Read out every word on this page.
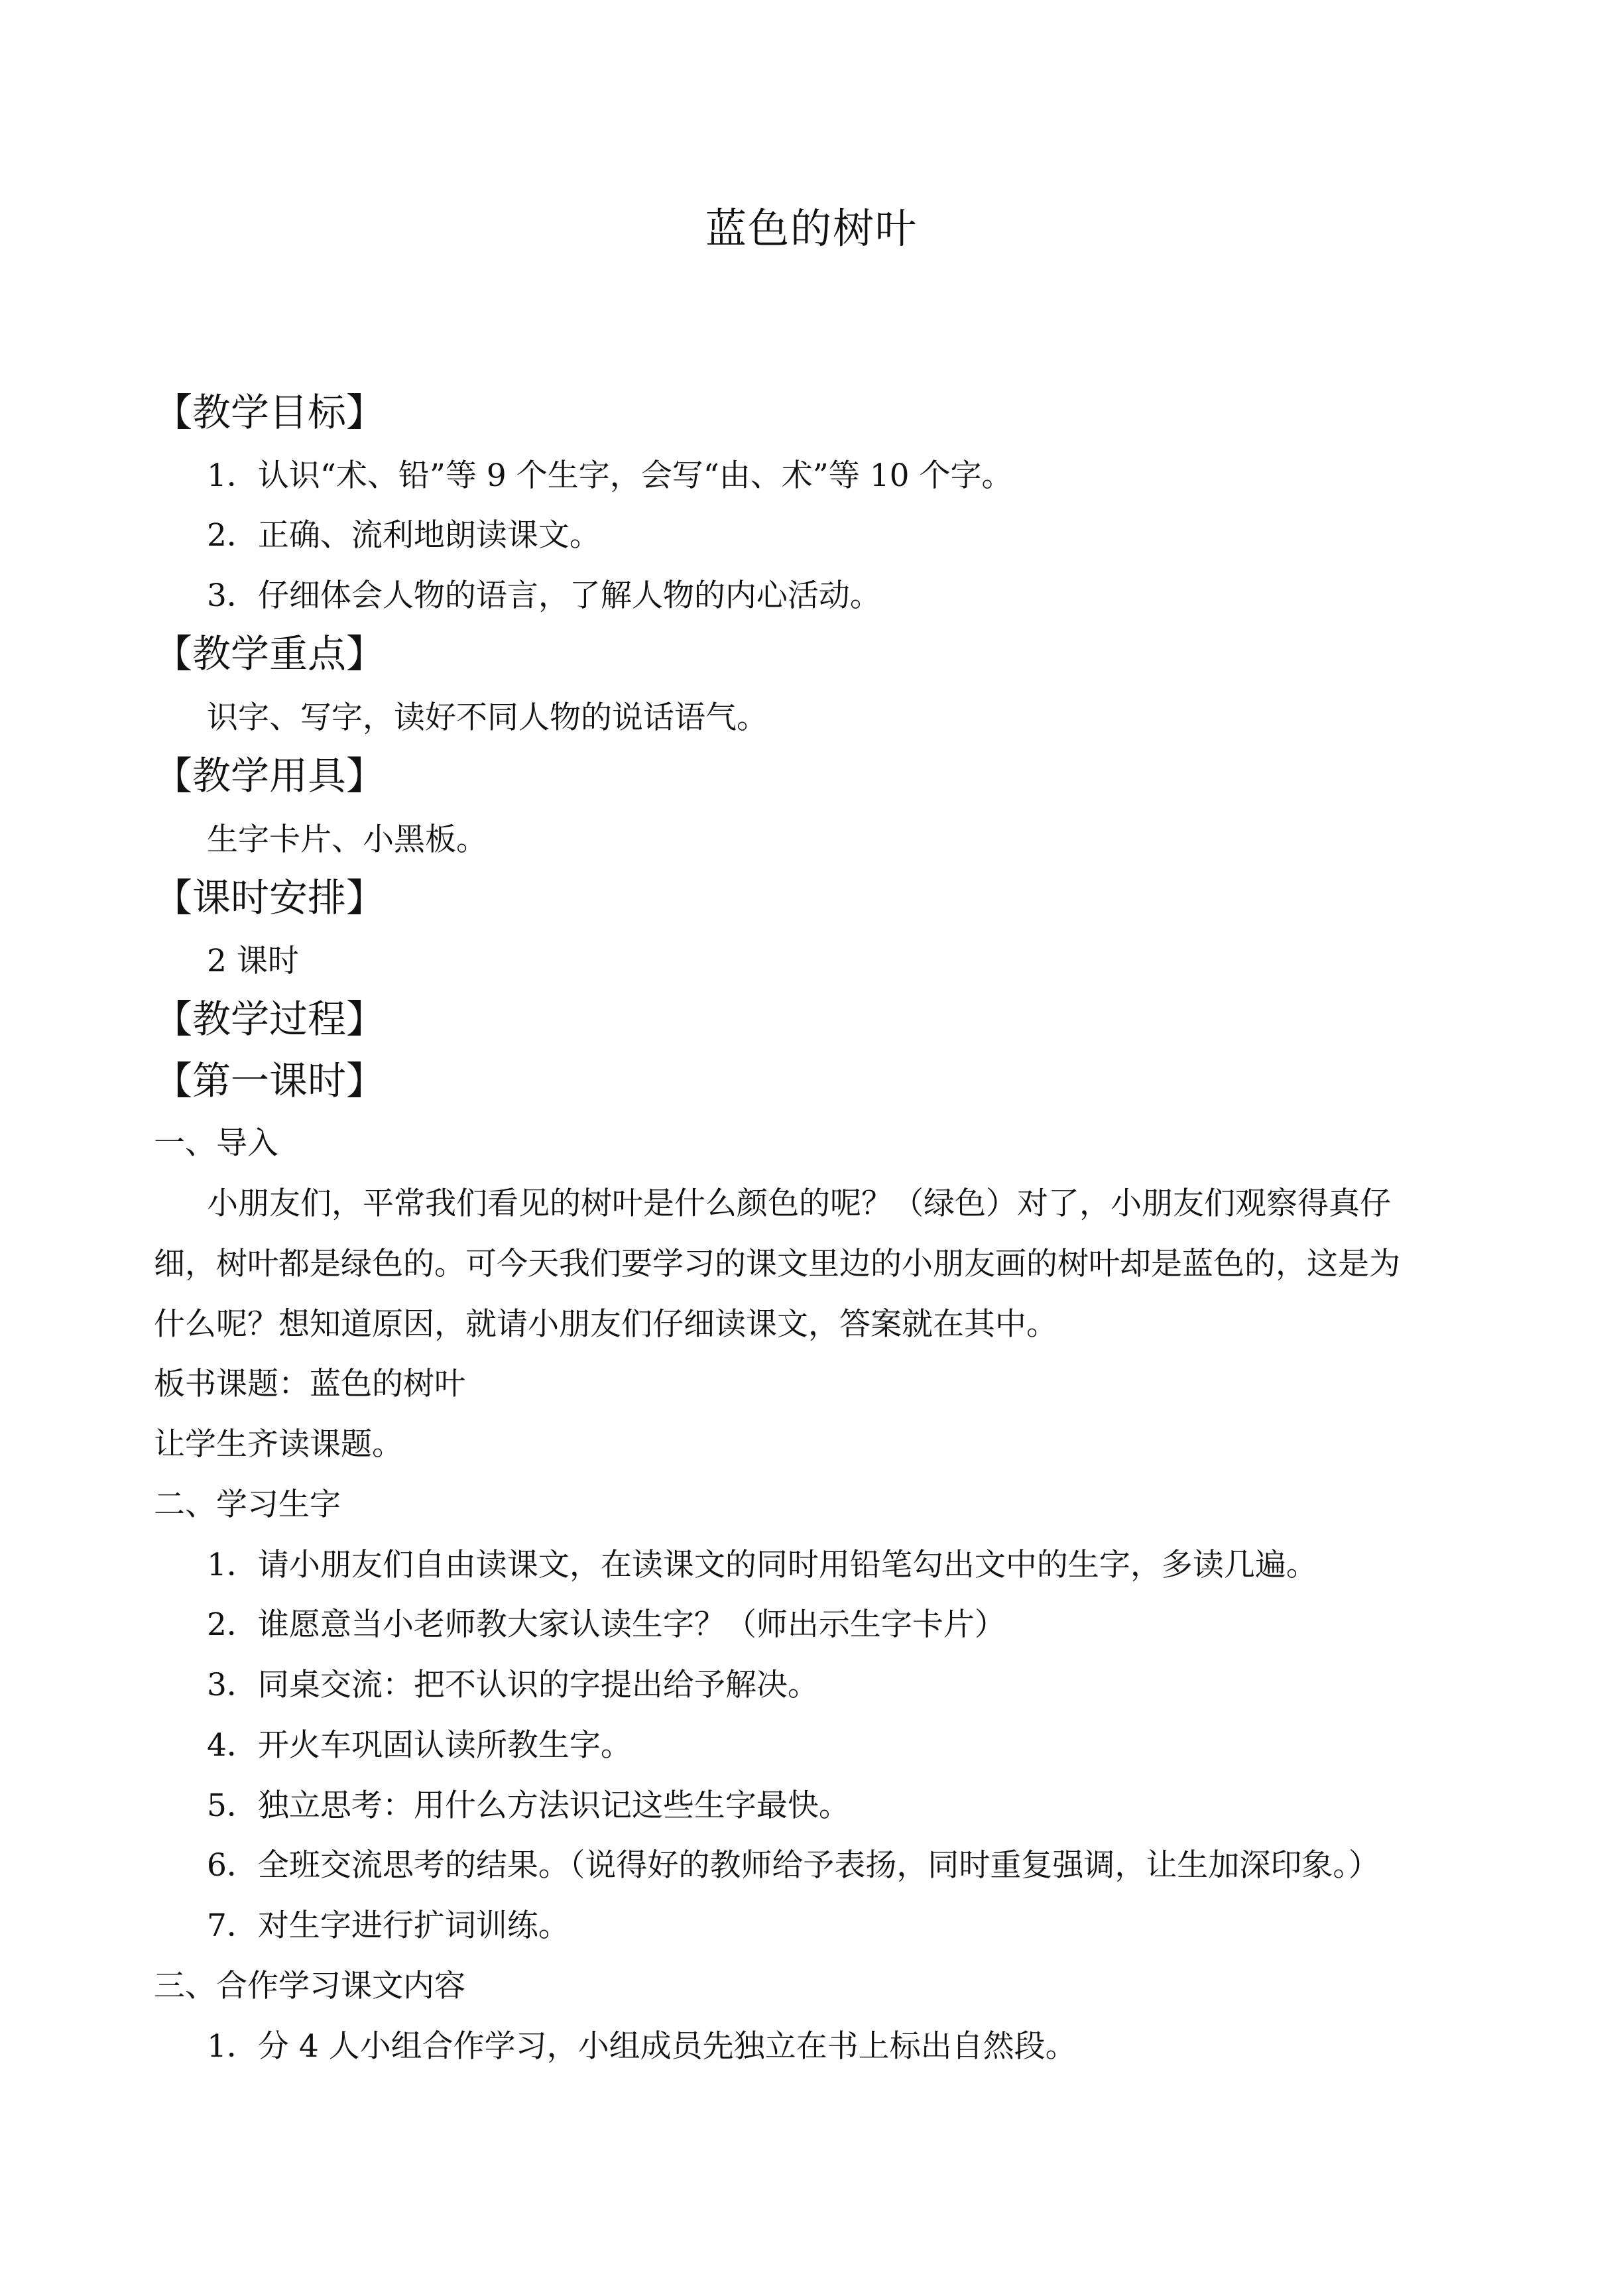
蓝色的树叶
【教学目标】
1．认识“术、铅”等 9 个生字，会写“由、术”等 10 个字。
2．正确、流利地朗读课文。
3．仔细体会人物的语言，了解人物的内心活动。
【教学重点】
识字、写字，读好不同人物的说话语气。
【教学用具】
生字卡片、小黑板。
【课时安排】
2 课时
【教学过程】
【第一课时】
一、导入
小朋友们，平常我们看见的树叶是什么颜色的呢？（绿色）对了，小朋友们观察得真仔
细，树叶都是绿色的。可今天我们要学习的课文里边的小朋友画的树叶却是蓝色的，这是为
什么呢？想知道原因，就请小朋友们仔细读课文，答案就在其中。
板书课题：蓝色的树叶
让学生齐读课题。
二、学习生字
1．请小朋友们自由读课文，在读课文的同时用铅笔勾出文中的生字，多读几遍。
2．谁愿意当小老师教大家认读生字？（师出示生字卡片）
3．同桌交流：把不认识的字提出给予解决。
4．开火车巩固认读所教生字。
5．独立思考：用什么方法识记这些生字最快。
6．全班交流思考的结果。（说得好的教师给予表扬，同时重复强调，让生加深印象。）
7．对生字进行扩词训练。
三、合作学习课文内容
1．分 4 人小组合作学习，小组成员先独立在书上标出自然段。
